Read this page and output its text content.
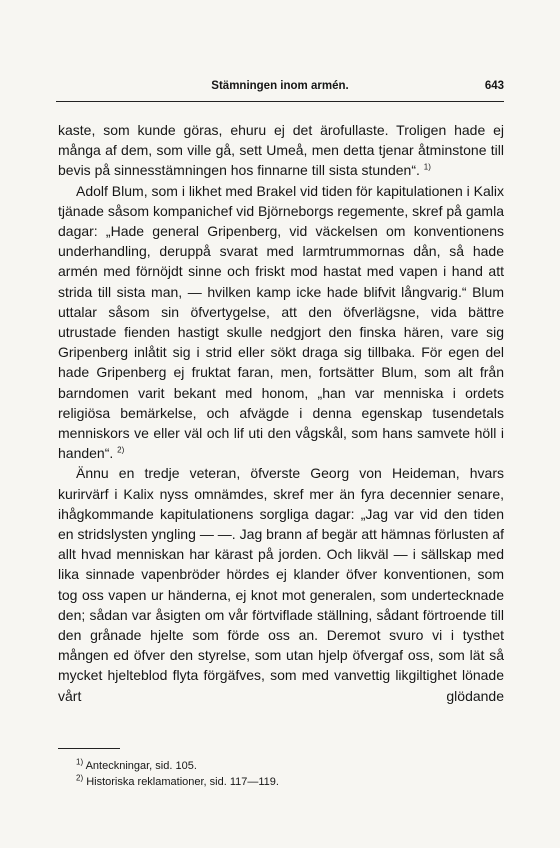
Stämningen inom armén.	643

kaste, som kunde göras, ehuru ej det ärofullaste. Troligen hade ej många af dem, som ville gå, sett Umeå, men detta tjenar åtminstone till bevis på sinnesstämningen hos finnarne till sista stunden“. $^{1)}$

Adolf Blum, som i likhet med Brakel vid tiden för kapitulationen i Kalix tjänade såsom kompanichef vid Björneborgs regemente, skref på gamla dagar: „Hade general Gripenberg, vid väckelsen om konventionens underhandling, deruppå svarat med larmtrummornas dån, så hade armén med förnöjdt sinne och friskt mod hastat med vapen i hand att strida till sista man, — hvilken kamp icke hade blifvit långvarig.“ Blum uttalar såsom sin öfvertygelse, att den öfverlägsne, vida bättre utrustade fienden hastigt skulle nedgjort den finska hären, vare sig Gripenberg inlåtit sig i strid eller sökt draga sig tillbaka. För egen del hade Gripenberg ej fruktat faran, men, fortsätter Blum, som alt från barndomen varit bekant med honom, „han var menniska i ordets religiösa bemärkelse, och afvägde i denna egenskap tusendetals menniskors ve eller väl och lif uti den vågskål, som hans samvete höll i handen“. $^{2)}$

Ännu en tredje veteran, öfverste Georg von Heideman, hvars kurirvärf i Kalix nyss omnämdes, skref mer än fyra decennier senare, ihågkommande kapitulationens sorgliga dagar: „Jag var vid den tiden en stridslysten yngling — —. Jag brann af begär att hämnas förlusten af allt hvad menniskan har kärast på jorden. Och likväl — i sällskap med lika sinnade vapenbröder hördes ej klander öfver konventionen, som tog oss vapen ur händerna, ej knot mot generalen, som undertecknade den; sådan var åsigten om vår förtviflade ställning, sådant förtroende till den grånade hjelte som förde oss an. Deremot svuro vi i tysthet mången ed öfver den styrelse, som utan hjelp öfvergaf oss, som lät så mycket hjelteblod flyta förgäfves, som med vanvettig likgiltighet lönade vårt glödande

$^{1)}$ Anteckningar, sid. 105.
$^{2)}$ Historiska reklamationer, sid. 117—119.
